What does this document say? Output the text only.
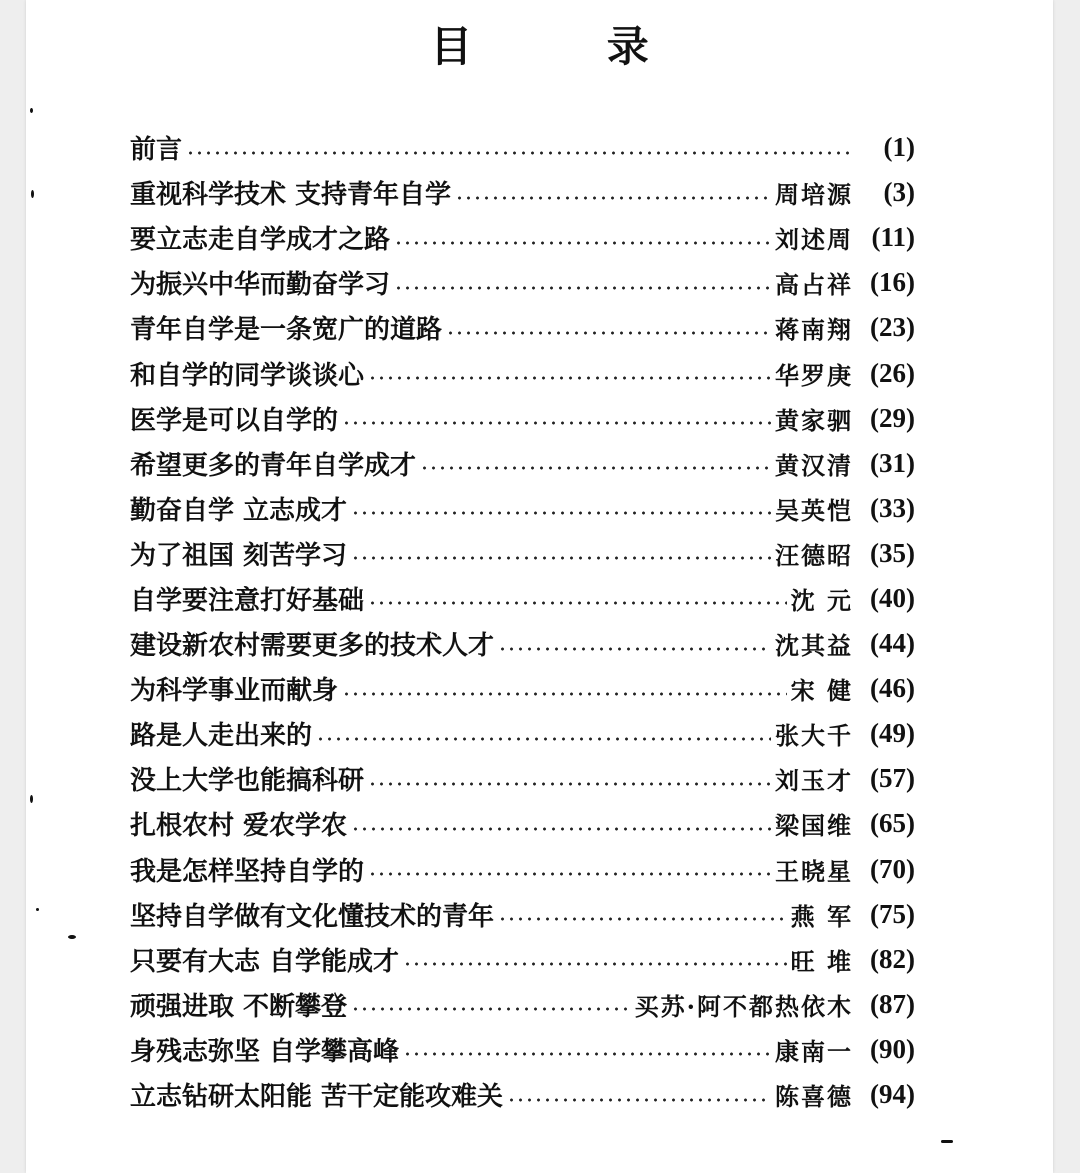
目 录
前言	(1)
重视科学技术 支持青年自学	周培源	(3)
要立志走自学成才之路	刘述周 (11)
为振兴中华而勤奋学习	高占祥 (16)
青年自学是一条宽广的道路	蒋南翔 (23)
和自学的同学谈谈心	华罗庚 (26)
医学是可以自学的	黄家驷 (29)
希望更多的青年自学成才	黄汉清 (31)
勤奋自学 立志成才	吴英恺 (33)
为了祖国 刻苦学习	汪德昭 (35)
自学要注意打好基础	沈 元 (40)
建设新农村需要更多的技术人才	沈其益 (44)
为科学事业而献身	宋 健 (46)
路是人走出来的	张大千 (49)
没上大学也能搞科研	刘玉才 (57)
扎根农村 爱农学农	梁国维 (65)
我是怎样坚持自学的	王晓星 (70)
坚持自学做有文化懂技术的青年	燕 军 (75)
只要有大志 自学能成才	旺 堆 (82)
顽强进取 不断攀登	买苏·阿不都热依木 (87)
身残志弥坚 自学攀高峰	康南一 (90)
立志钻研太阳能 苦干定能攻难关	陈喜德 (94)
